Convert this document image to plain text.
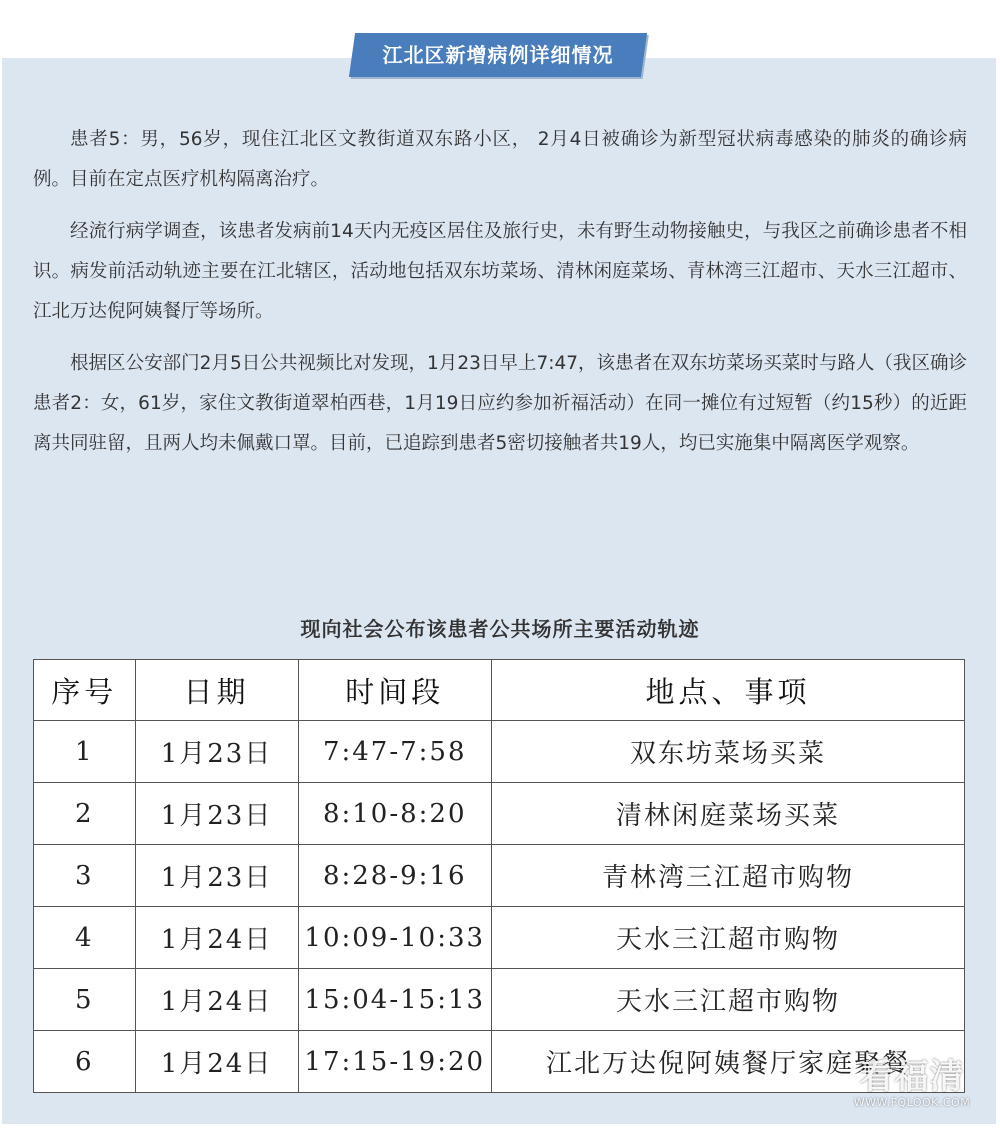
江北区新增病例详细情况

患者5：男，56岁，现住江北区文教街道双东路小区， 2月4日被确诊为新型冠状病毒感染的肺炎的确诊病例。目前在定点医疗机构隔离治疗。

经流行病学调查，该患者发病前14天内无疫区居住及旅行史，未有野生动物接触史，与我区之前确诊患者不相识。病发前活动轨迹主要在江北辖区，活动地包括双东坊菜场、清林闲庭菜场、青林湾三江超市、天水三江超市、江北万达倪阿姨餐厅等场所。

根据区公安部门2月5日公共视频比对发现，1月23日早上7:47，该患者在双东坊菜场买菜时与路人（我区确诊患者2：女，61岁，家住文教街道翠柏西巷，1月19日应约参加祈福活动）在同一摊位有过短暂（约15秒）的近距离共同驻留，且两人均未佩戴口罩。目前，已追踪到患者5密切接触者共19人，均已实施集中隔离医学观察。

现向社会公布该患者公共场所主要活动轨迹
序号	日期	时间段	地点、事项
1	1月23日	7:47-7:58	双东坊菜场买菜
2	1月23日	8:10-8:20	清林闲庭菜场买菜
3	1月23日	8:28-9:16	青林湾三江超市购物
4	1月24日	10:09-10:33	天水三江超市购物
5	1月24日	15:04-15:13	天水三江超市购物
6	1月24日	17:15-19:20	江北万达倪阿姨餐厅家庭聚餐
看福清
WWW.FQLOOK.COM
